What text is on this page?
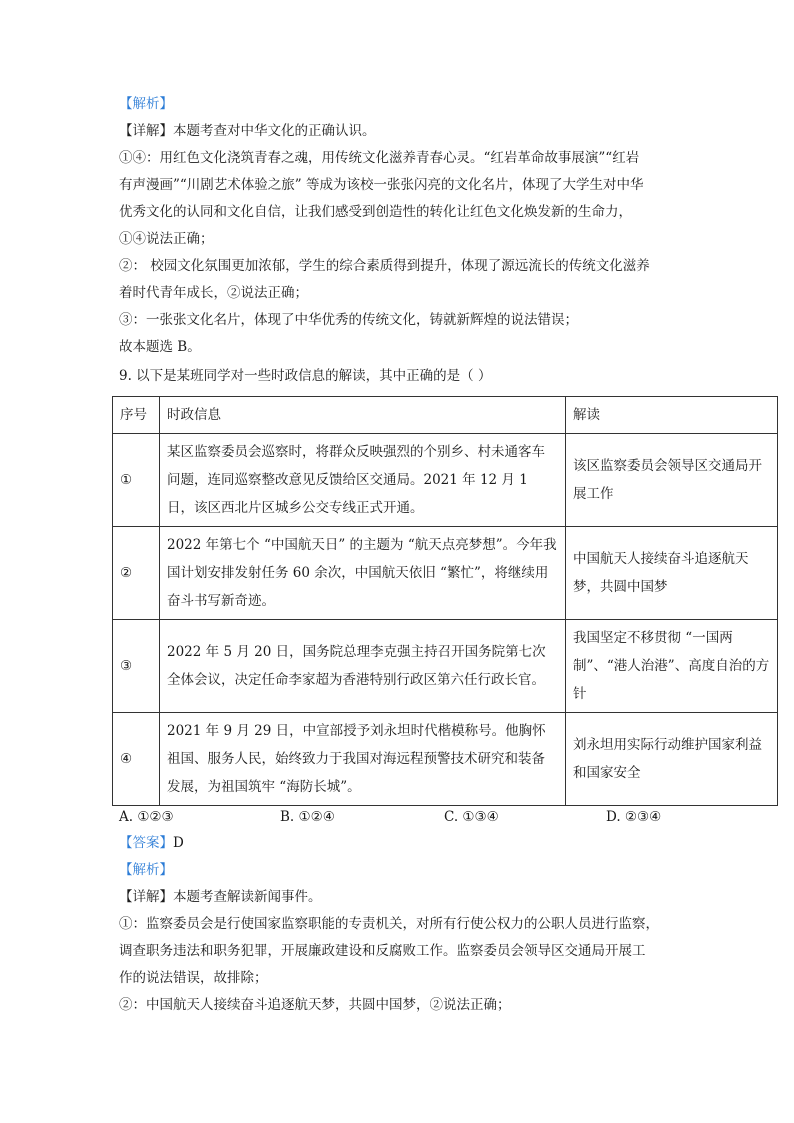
【解析】
【详解】本题考查对中华文化的正确认识。
①④：用红色文化浇筑青春之魂，用传统文化滋养青春心灵。“红岩革命故事展演”“红岩
有声漫画”“川剧艺术体验之旅” 等成为该校一张张闪亮的文化名片，体现了大学生对中华
优秀文化的认同和文化自信，让我们感受到创造性的转化让红色文化焕发新的生命力，
①④说法正确；
②： 校园文化氛围更加浓郁，学生的综合素质得到提升，体现了源远流长的传统文化滋养
着时代青年成长，②说法正确；
③：一张张文化名片，体现了中华优秀的传统文化，铸就新辉煌的说法错误；
故本题选 B。
9. 以下是某班同学对一些时政信息的解读，其中正确的是（ ）
序号	时政信息	解读
①	某区监察委员会巡察时，将群众反映强烈的个别乡、村未通客车问题，连同巡察整改意见反馈给区交通局。2021 年 12 月 1 日，该区西北片区城乡公交专线正式开通。	该区监察委员会领导区交通局开展工作
②	2022 年第七个 “中国航天日” 的主题为 “航天点亮梦想”。今年我国计划安排发射任务 60 余次，中国航天依旧 “繁忙”，将继续用奋斗书写新奇迹。	中国航天人接续奋斗追逐航天梦，共圆中国梦
③	2022 年 5 月 20 日，国务院总理李克强主持召开国务院第七次全体会议，决定任命李家超为香港特别行政区第六任行政长官。	我国坚定不移贯彻 “一国两制”、“港人治港”、高度自治的方针
④	2021 年 9 月 29 日，中宣部授予刘永坦时代楷模称号。他胸怀祖国、服务人民，始终致力于我国对海远程预警技术研究和装备发展，为祖国筑牢 “海防长城”。	刘永坦用实际行动维护国家利益和国家安全
A. ①②③	B. ①②④	C. ①③④	D. ②③④
【答案】D
【解析】
【详解】本题考查解读新闻事件。
①：监察委员会是行使国家监察职能的专责机关，对所有行使公权力的公职人员进行监察，
调查职务违法和职务犯罪，开展廉政建设和反腐败工作。监察委员会领导区交通局开展工
作的说法错误，故排除；
②：中国航天人接续奋斗追逐航天梦，共圆中国梦，②说法正确；
